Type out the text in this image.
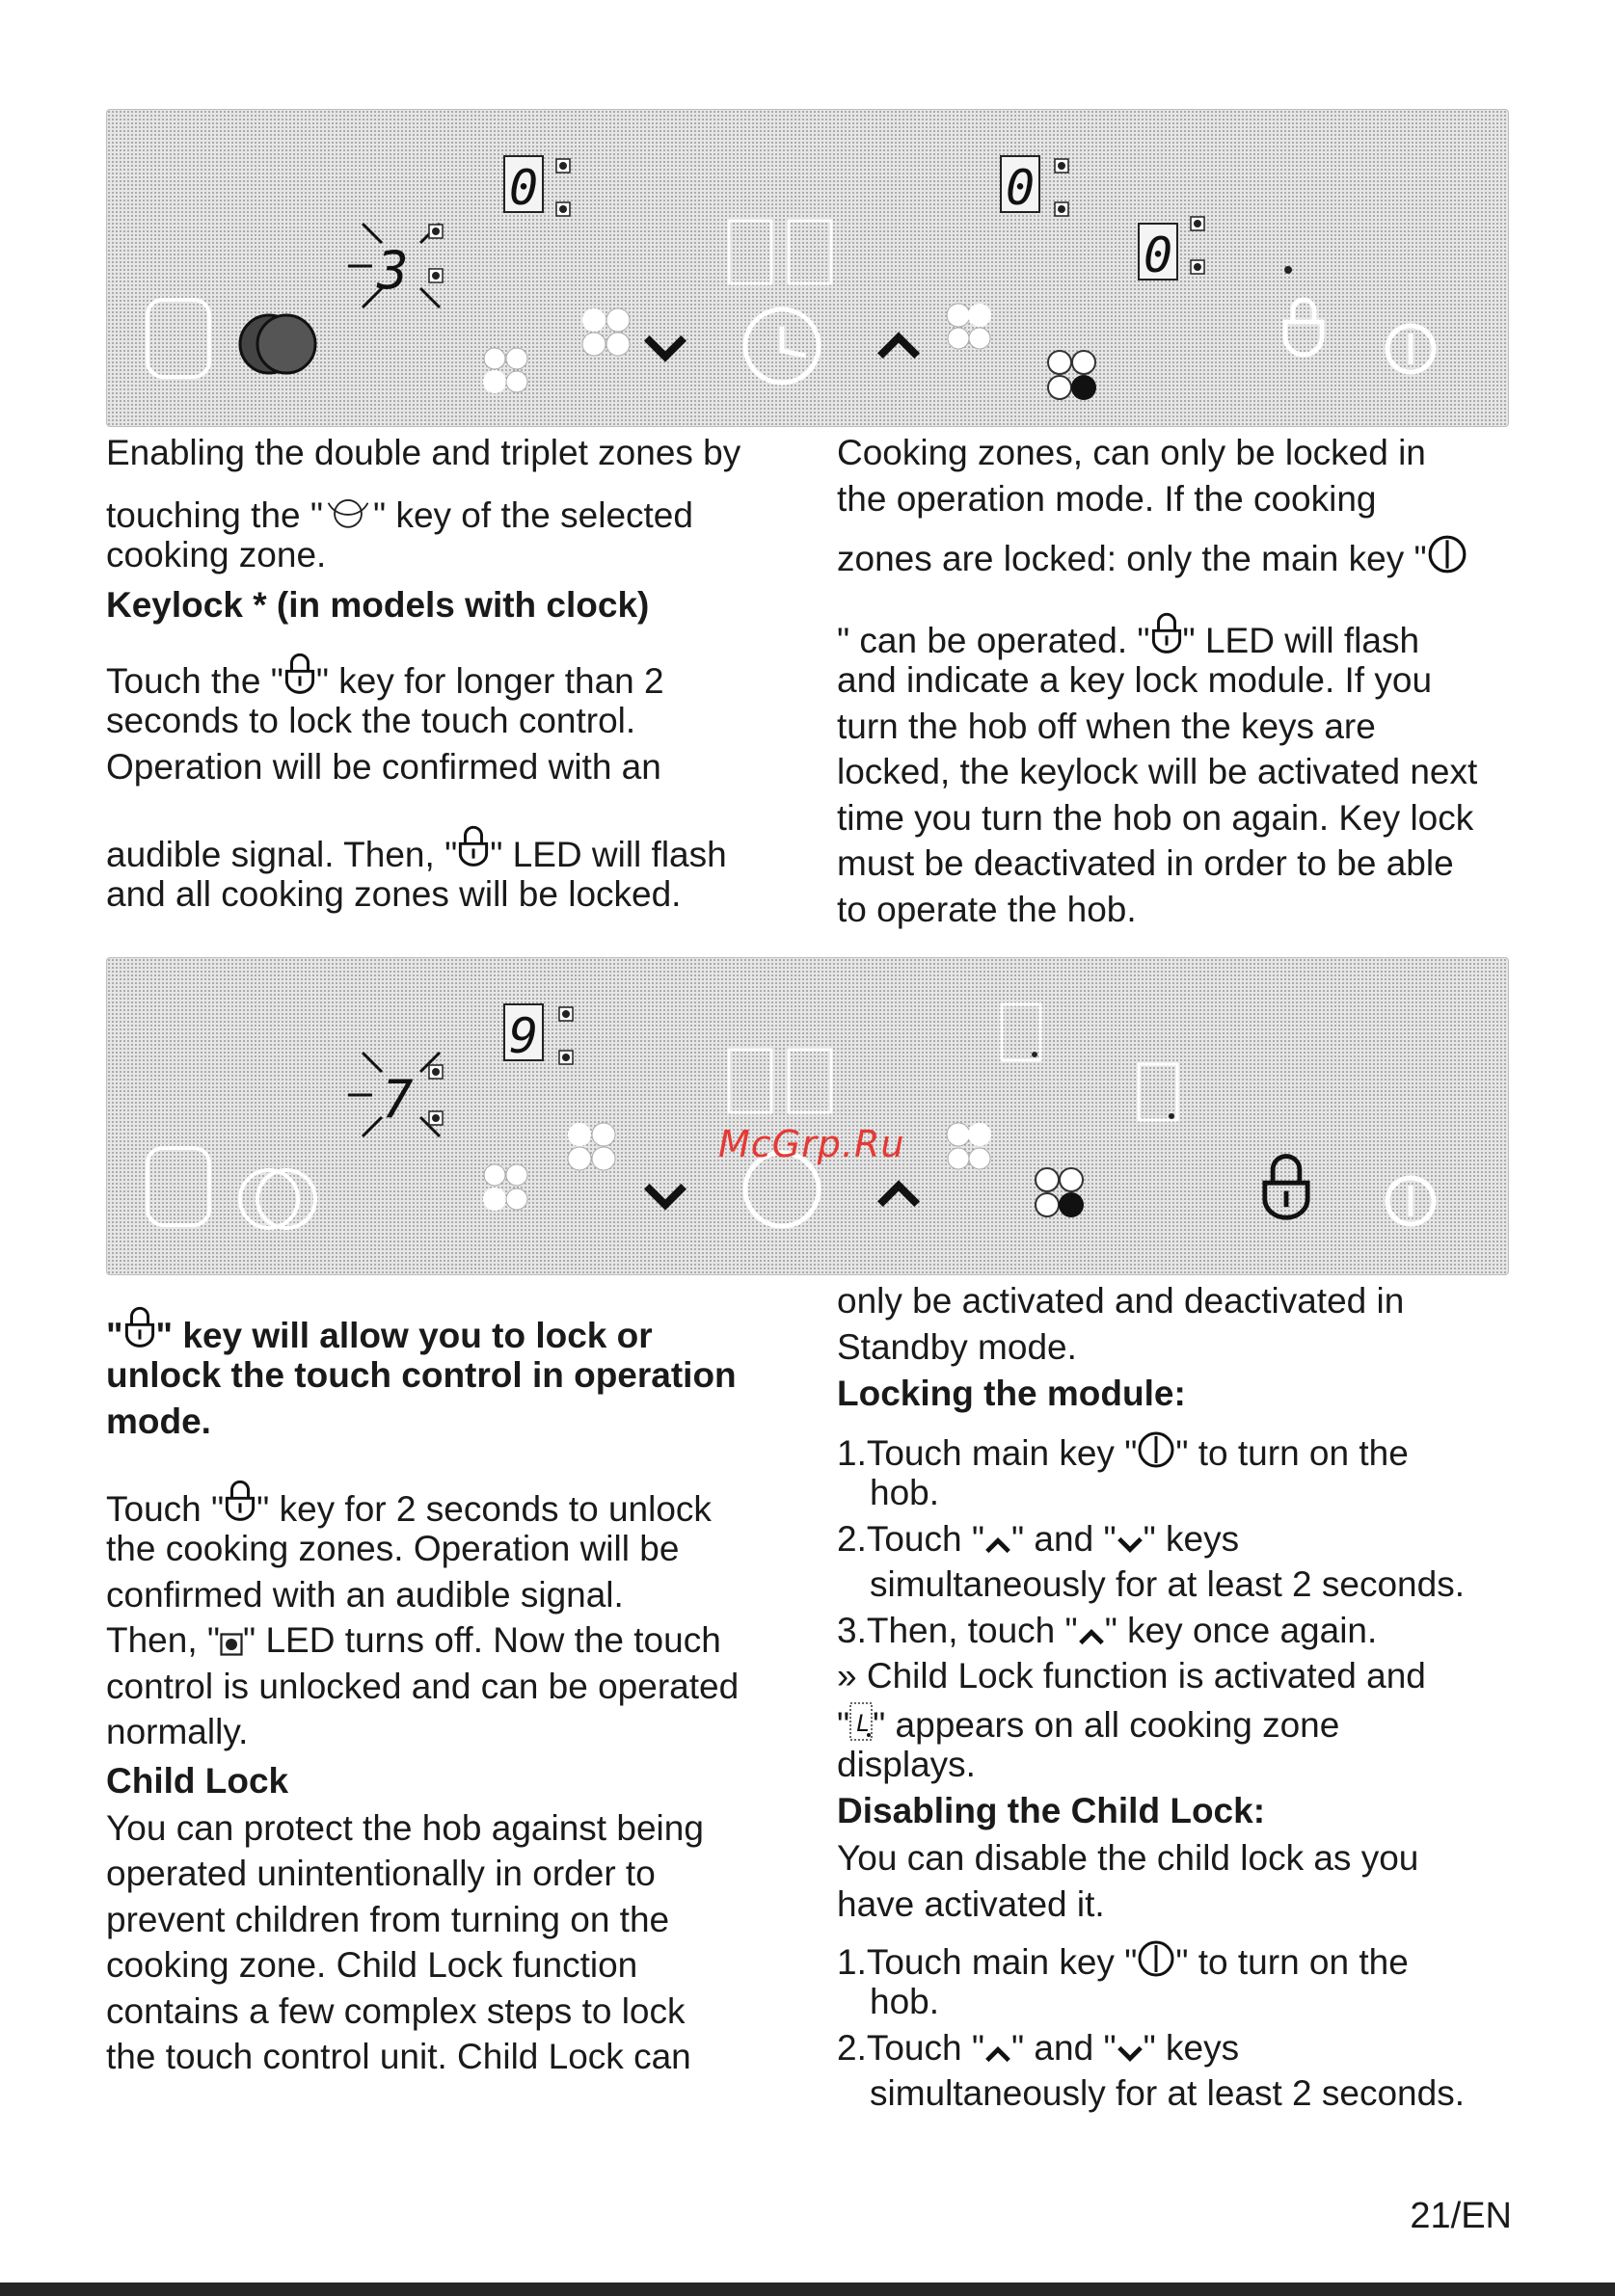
3
0	0
0

Enabling the double and triplet zones by

touching the " " key of the selected

cooking zone.

Keylock * (in models with clock)

Touch the " " key for longer than 2

seconds to lock the touch control.

Operation will be confirmed with an

audible signal. Then, " " LED will flash

and all cooking zones will be locked.

Cooking zones, can only be locked in

the operation mode. If the cooking

zones are locked: only the main key "

" can be operated. " " LED will flash

and indicate a key lock module. If you

turn the hob off when the keys are

locked, the keylock will be activated next

time you turn the hob on again. Key lock

must be deactivated in order to be able

to operate the hob.

7
9
McGrp.Ru

" " key will allow you to lock or

unlock the touch control in operation

mode.

Touch " " key for 2 seconds to unlock

the cooking zones. Operation will be

confirmed with an audible signal.

Then, " " LED turns off. Now the touch

control is unlocked and can be operated

normally.

Child Lock

You can protect the hob against being

operated unintentionally in order to

prevent children from turning on the

cooking zone. Child Lock function

contains a few complex steps to lock

the touch control unit. Child Lock can

only be activated and deactivated in

Standby mode.

Locking the module:

1.Touch main key " " to turn on the

hob.

2.Touch " " and " " keys

simultaneously for at least 2 seconds.

3.Then, touch " " key once again.

» Child Lock function is activated and

" " appears on all cooking zone

displays.

Disabling the Child Lock:

You can disable the child lock as you

have activated it.

1.Touch main key " " to turn on the

hob.

2.Touch " " and " " keys

simultaneously for at least 2 seconds.

21/EN
